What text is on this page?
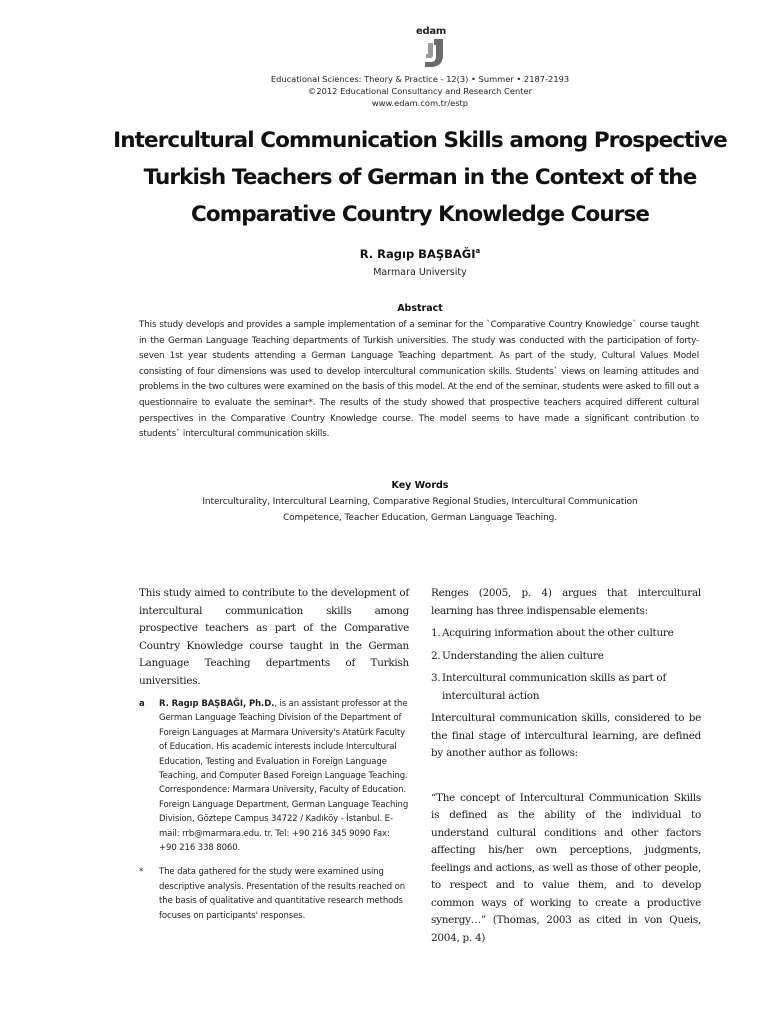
edam
Educational Sciences: Theory & Practice - 12(3) • Summer • 2187-2193
©2012 Educational Consultancy and Research Center
www.edam.com.tr/estp
Intercultural Communication Skills among Prospective
Turkish Teachers of German in the Context of the
Comparative Country Knowledge Course
R. Ragıp BAŞBAĞI$^a$
Marmara University
Abstract
This study develops and provides a sample implementation of a seminar for the `Comparative Country Knowledge` course taught in the German Language Teaching departments of Turkish universities. The study was conducted with the participation of forty-seven 1st year students attending a German Language Teaching department. As part of the study, Cultural Values Model consisting of four dimensions was used to develop intercultural communication skills. Students` views on learning attitudes and problems in the two cultures were examined on the basis of this model. At the end of the seminar, students were asked to fill out a questionnaire to evaluate the seminar*. The results of the study showed that prospective teachers acquired different cultural perspectives in the Comparative Country Knowledge course. The model seems to have made a significant contribution to students` intercultural communication skills.
Key Words
Interculturality, Intercultural Learning, Comparative Regional Studies, Intercultural Communication
Competence, Teacher Education, German Language Teaching.
This study aimed to contribute to the development of intercultural communication skills among prospective teachers as part of the Comparative Country Knowledge course taught in the German Language Teaching departments of Turkish universities.
a	R. Ragıp BAŞBAĞI, Ph.D., is an assistant professor at the German Language Teaching Division of the Department of Foreign Languages at Marmara University's Atatürk Faculty of Education. His academic interests include Intercultural Education, Testing and Evaluation in Foreign Language Teaching, and Computer Based Foreign Language Teaching. Correspondence: Marmara University, Faculty of Education. Foreign Language Department, German Language Teaching Division, Göztepe Campus 34722 / Kadıköy - İstanbul. E-mail: rrb@marmara.edu. tr. Tel: +90 216 345 9090 Fax: +90 216 338 8060.
*	The data gathered for the study were examined using descriptive analysis. Presentation of the results reached on the basis of qualitative and quantitative research methods focuses on participants' responses.

Renges (2005, p. 4) argues that intercultural learning has three indispensable elements:

1. Acquiring information about the other culture
2. Understanding the alien culture
3. Intercultural communication skills as part of intercultural action

Intercultural communication skills, considered to be the final stage of intercultural learning, are defined by another author as follows:

“The concept of Intercultural Communication Skills is defined as the ability of the individual to understand cultural conditions and other factors affecting his/her own perceptions, judgments, feelings and actions, as well as those of other people, to respect and to value them, and to develop common ways of working to create a productive synergy…” (Thomas, 2003 as cited in von Queis, 2004, p. 4)
